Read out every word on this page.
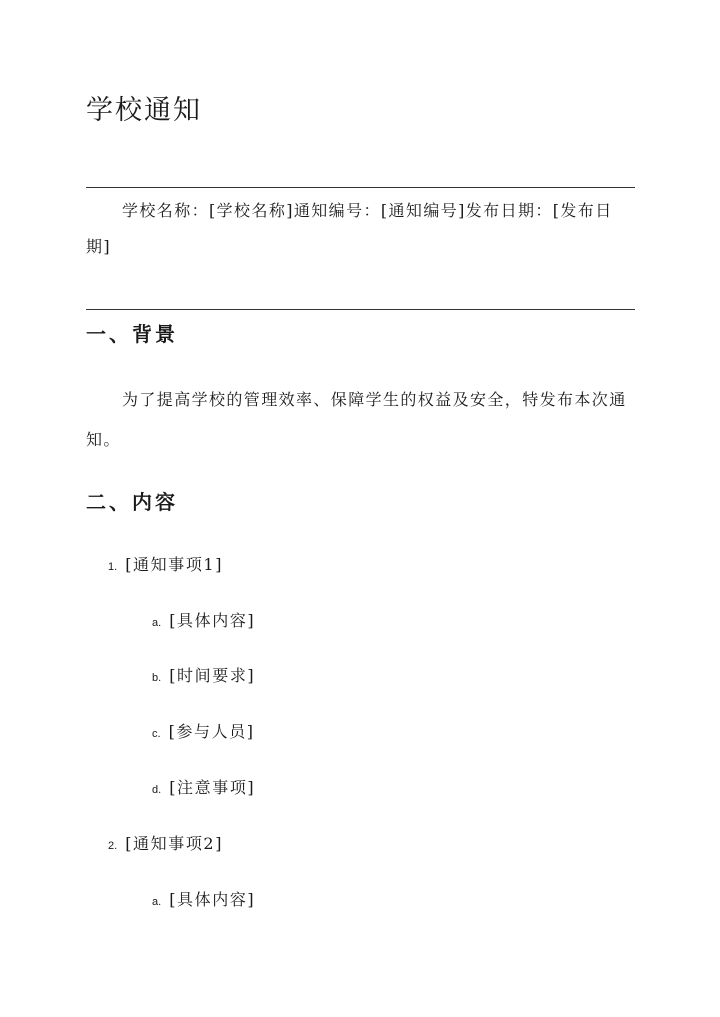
学校通知

学校名称：[学校名称]通知编号：[通知编号]发布日期：[发布日期]

一、背景

为了提高学校的管理效率、保障学生的权益及安全，特发布本次通知。

二、内容
1. [通知事项1]
a. [具体内容]
b. [时间要求]
c. [参与人员]
d. [注意事项]
2. [通知事项2]
a. [具体内容]
